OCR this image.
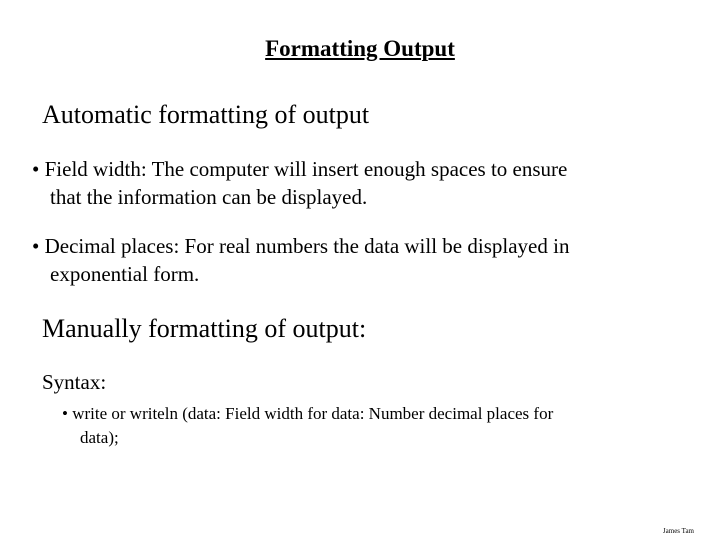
Formatting Output
Automatic formatting of output
• Field width: The computer will insert enough spaces to ensure
that the information can be displayed.
• Decimal places: For real numbers the data will be displayed in
exponential form.
Manually formatting of output:
Syntax:
• write or writeln (data: Field width for data: Number decimal places for
data);
James Tam
